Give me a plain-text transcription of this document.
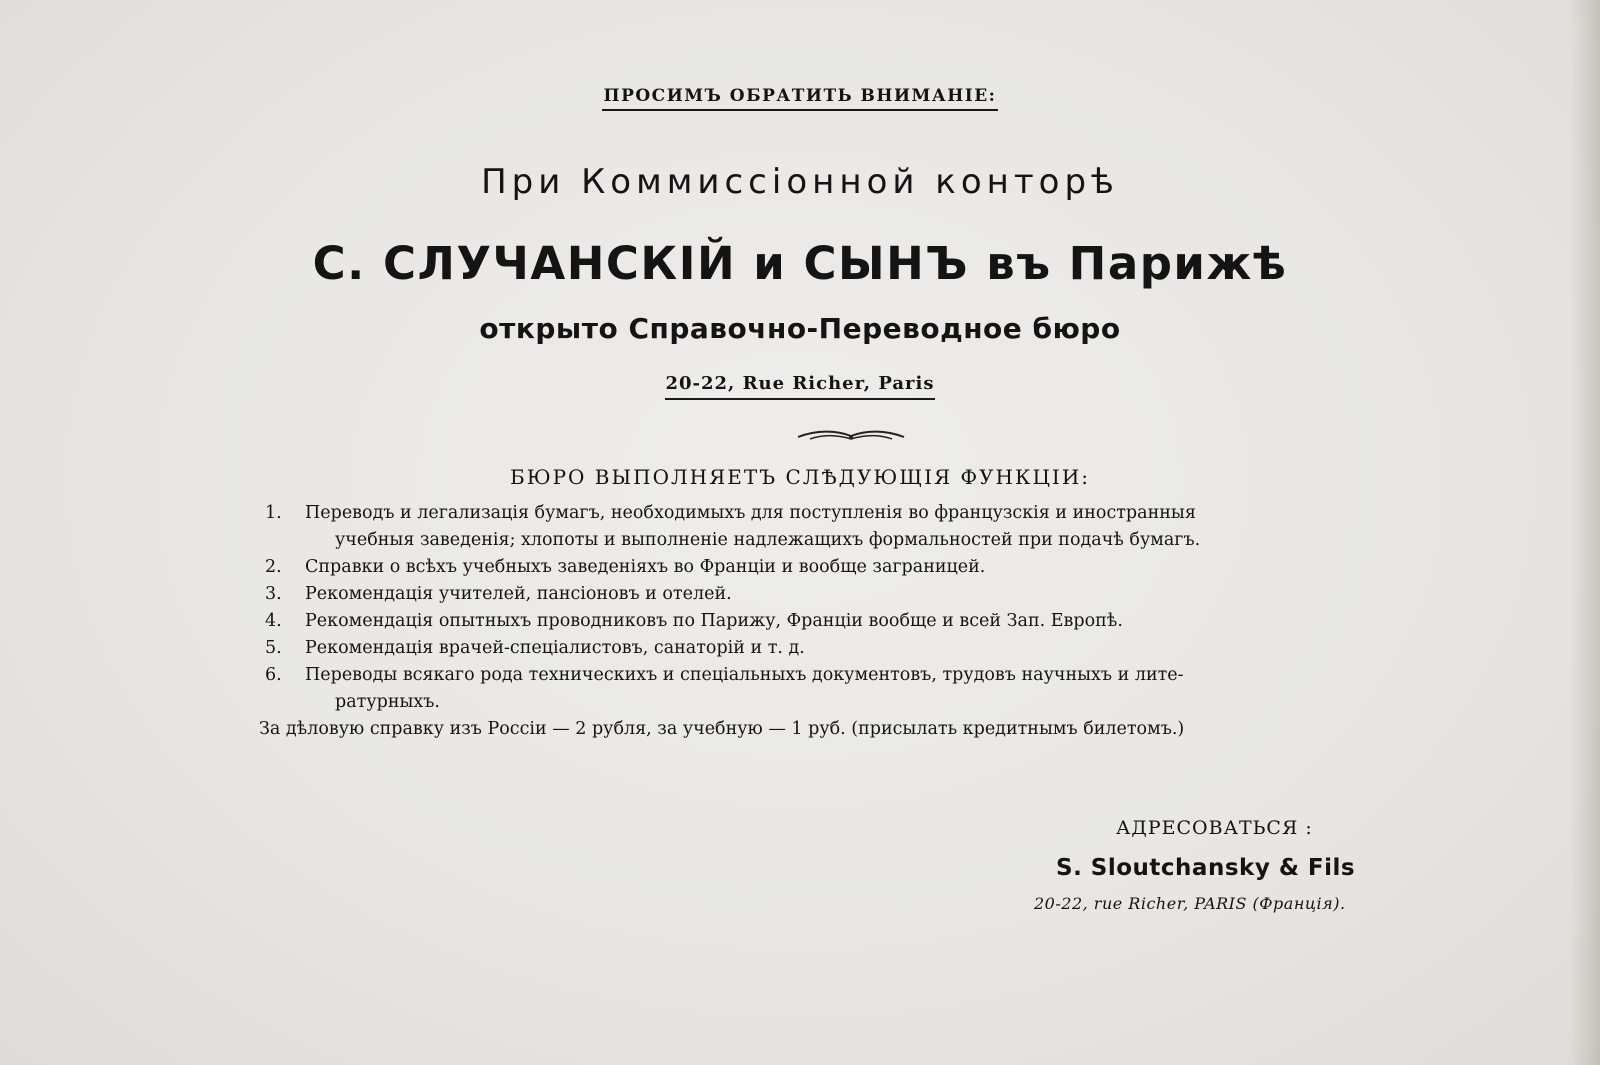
ПРОСИМЪ ОБРАТИТЬ ВНИМАНІЕ:
При Коммиссіонной конторѣ
С. СЛУЧАНСКІЙ и СЫНЪ въ Парижѣ
открыто Справочно-Переводное бюро
20-22, Rue Richer, Paris
БЮРО ВЫПОЛНЯЕТЪ СЛѢДУЮЩІЯ ФУНКЦІИ:
1. Переводъ и легализація бумагъ, необходимыхъ для поступленія во французскія и иностранныя
учебныя заведенія; хлопоты и выполненіе надлежащихъ формальностей при подачѣ бумагъ.
2. Справки о всѣхъ учебныхъ заведеніяхъ во Франціи и вообще заграницей.
3. Рекомендація учителей, пансіоновъ и отелей.
4. Рекомендація опытныхъ проводниковъ по Парижу, Франціи вообще и всей Зап. Европѣ.
5. Рекомендація врачей-спеціалистовъ, санаторій и т. д.
6. Переводы всякаго рода техническихъ и спеціальныхъ документовъ, трудовъ научныхъ и лите-
ратурныхъ.
За дѣловую справку изъ Россіи — 2 рубля, за учебную — 1 руб. (присылать кредитнымъ билетомъ.)
АДРЕСОВАТЬСЯ :
S. Sloutchansky & Fils
20-22, rue Richer, PARIS (Франція).
